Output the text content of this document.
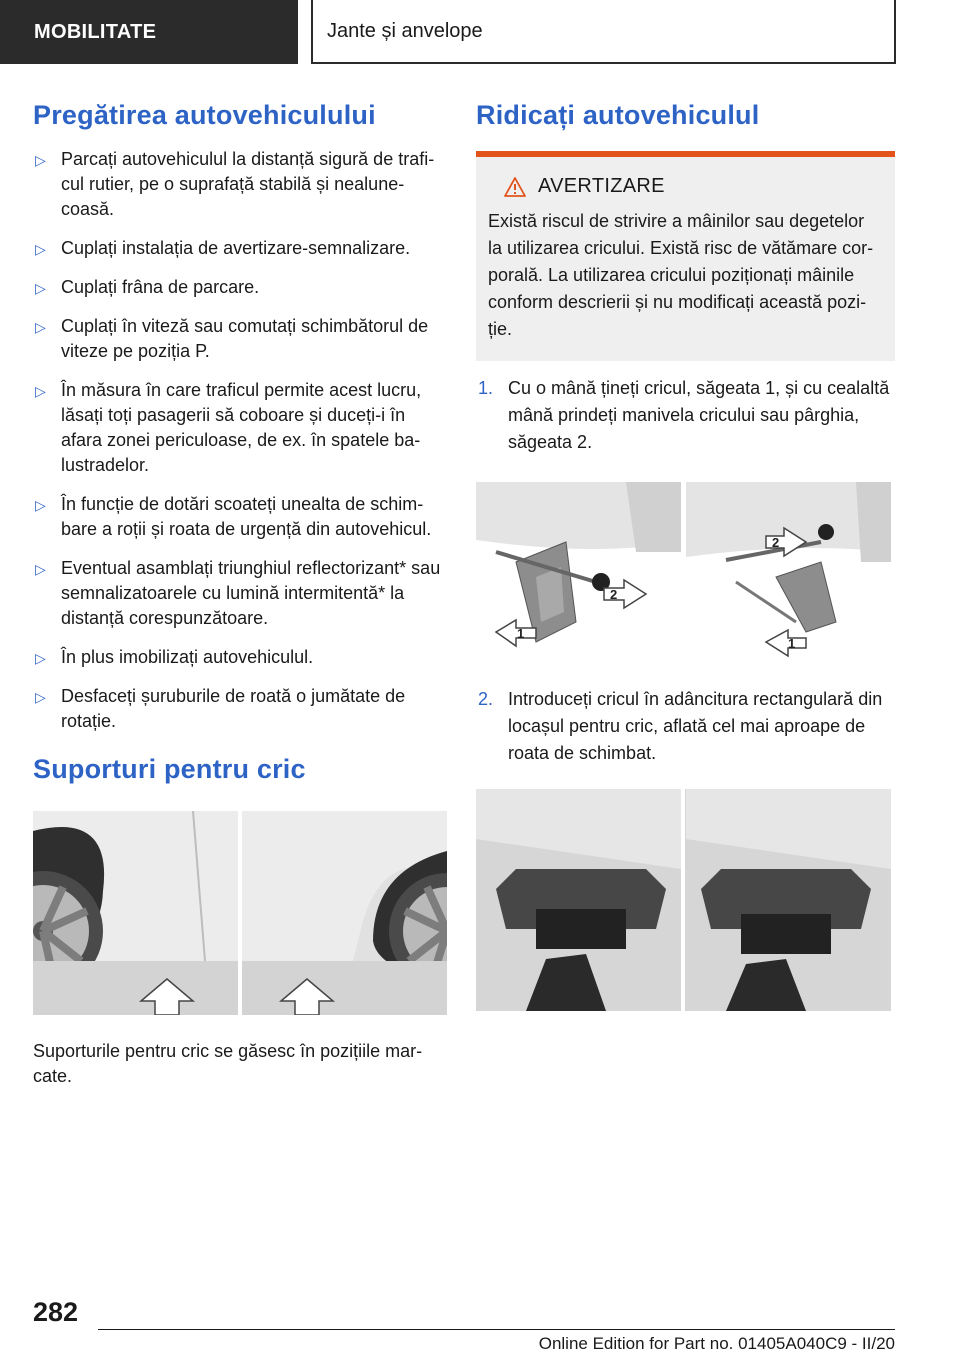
MOBILITATE	Jante și anvelope
Pregătirea autovehiculului
▷ Parcați autovehiculul la distanță sigură de traficul rutier, pe o suprafață stabilă și nealunecoasă.
▷ Cuplați instalația de avertizare-semnalizare.
▷ Cuplați frâna de parcare.
▷ Cuplați în viteză sau comutați schimbătorul de viteze pe poziția P.
▷ În măsura în care traficul permite acest lucru, lăsați toți pasagerii să coboare și duceți-i în afara zonei periculoase, de ex. în spatele balustradelor.
▷ În funcție de dotări scoateți unealta de schimbare a roții și roata de urgență din autovehicul.
▷ Eventual asamblați triunghiul reflectorizant* sau semnalizatoarele cu lumină intermitentă* la distanță corespunzătoare.
▷ În plus imobilizați autovehiculul.
▷ Desfaceți șuruburile de roată o jumătate de rotație.
Suporturi pentru cric
Suporturile pentru cric se găsesc în pozițiile marcate.
Ridicați autovehiculul
AVERTIZARE
Există riscul de strivire a mâinilor sau degetelor la utilizarea cricului. Există risc de vătămare corporală. La utilizarea cricului poziționați mâinile conform descrierii și nu modificați această poziție.
1. Cu o mână țineți cricul, săgeata 1, și cu cealaltă mână prindeți manivela cricului sau pârghia, săgeata 2.
1
2
2
1
2. Introduceți cricul în adâncitura rectangulară din locașul pentru cric, aflată cel mai aproape de roata de schimbat.
282
Online Edition for Part no. 01405A040C9 - II/20
